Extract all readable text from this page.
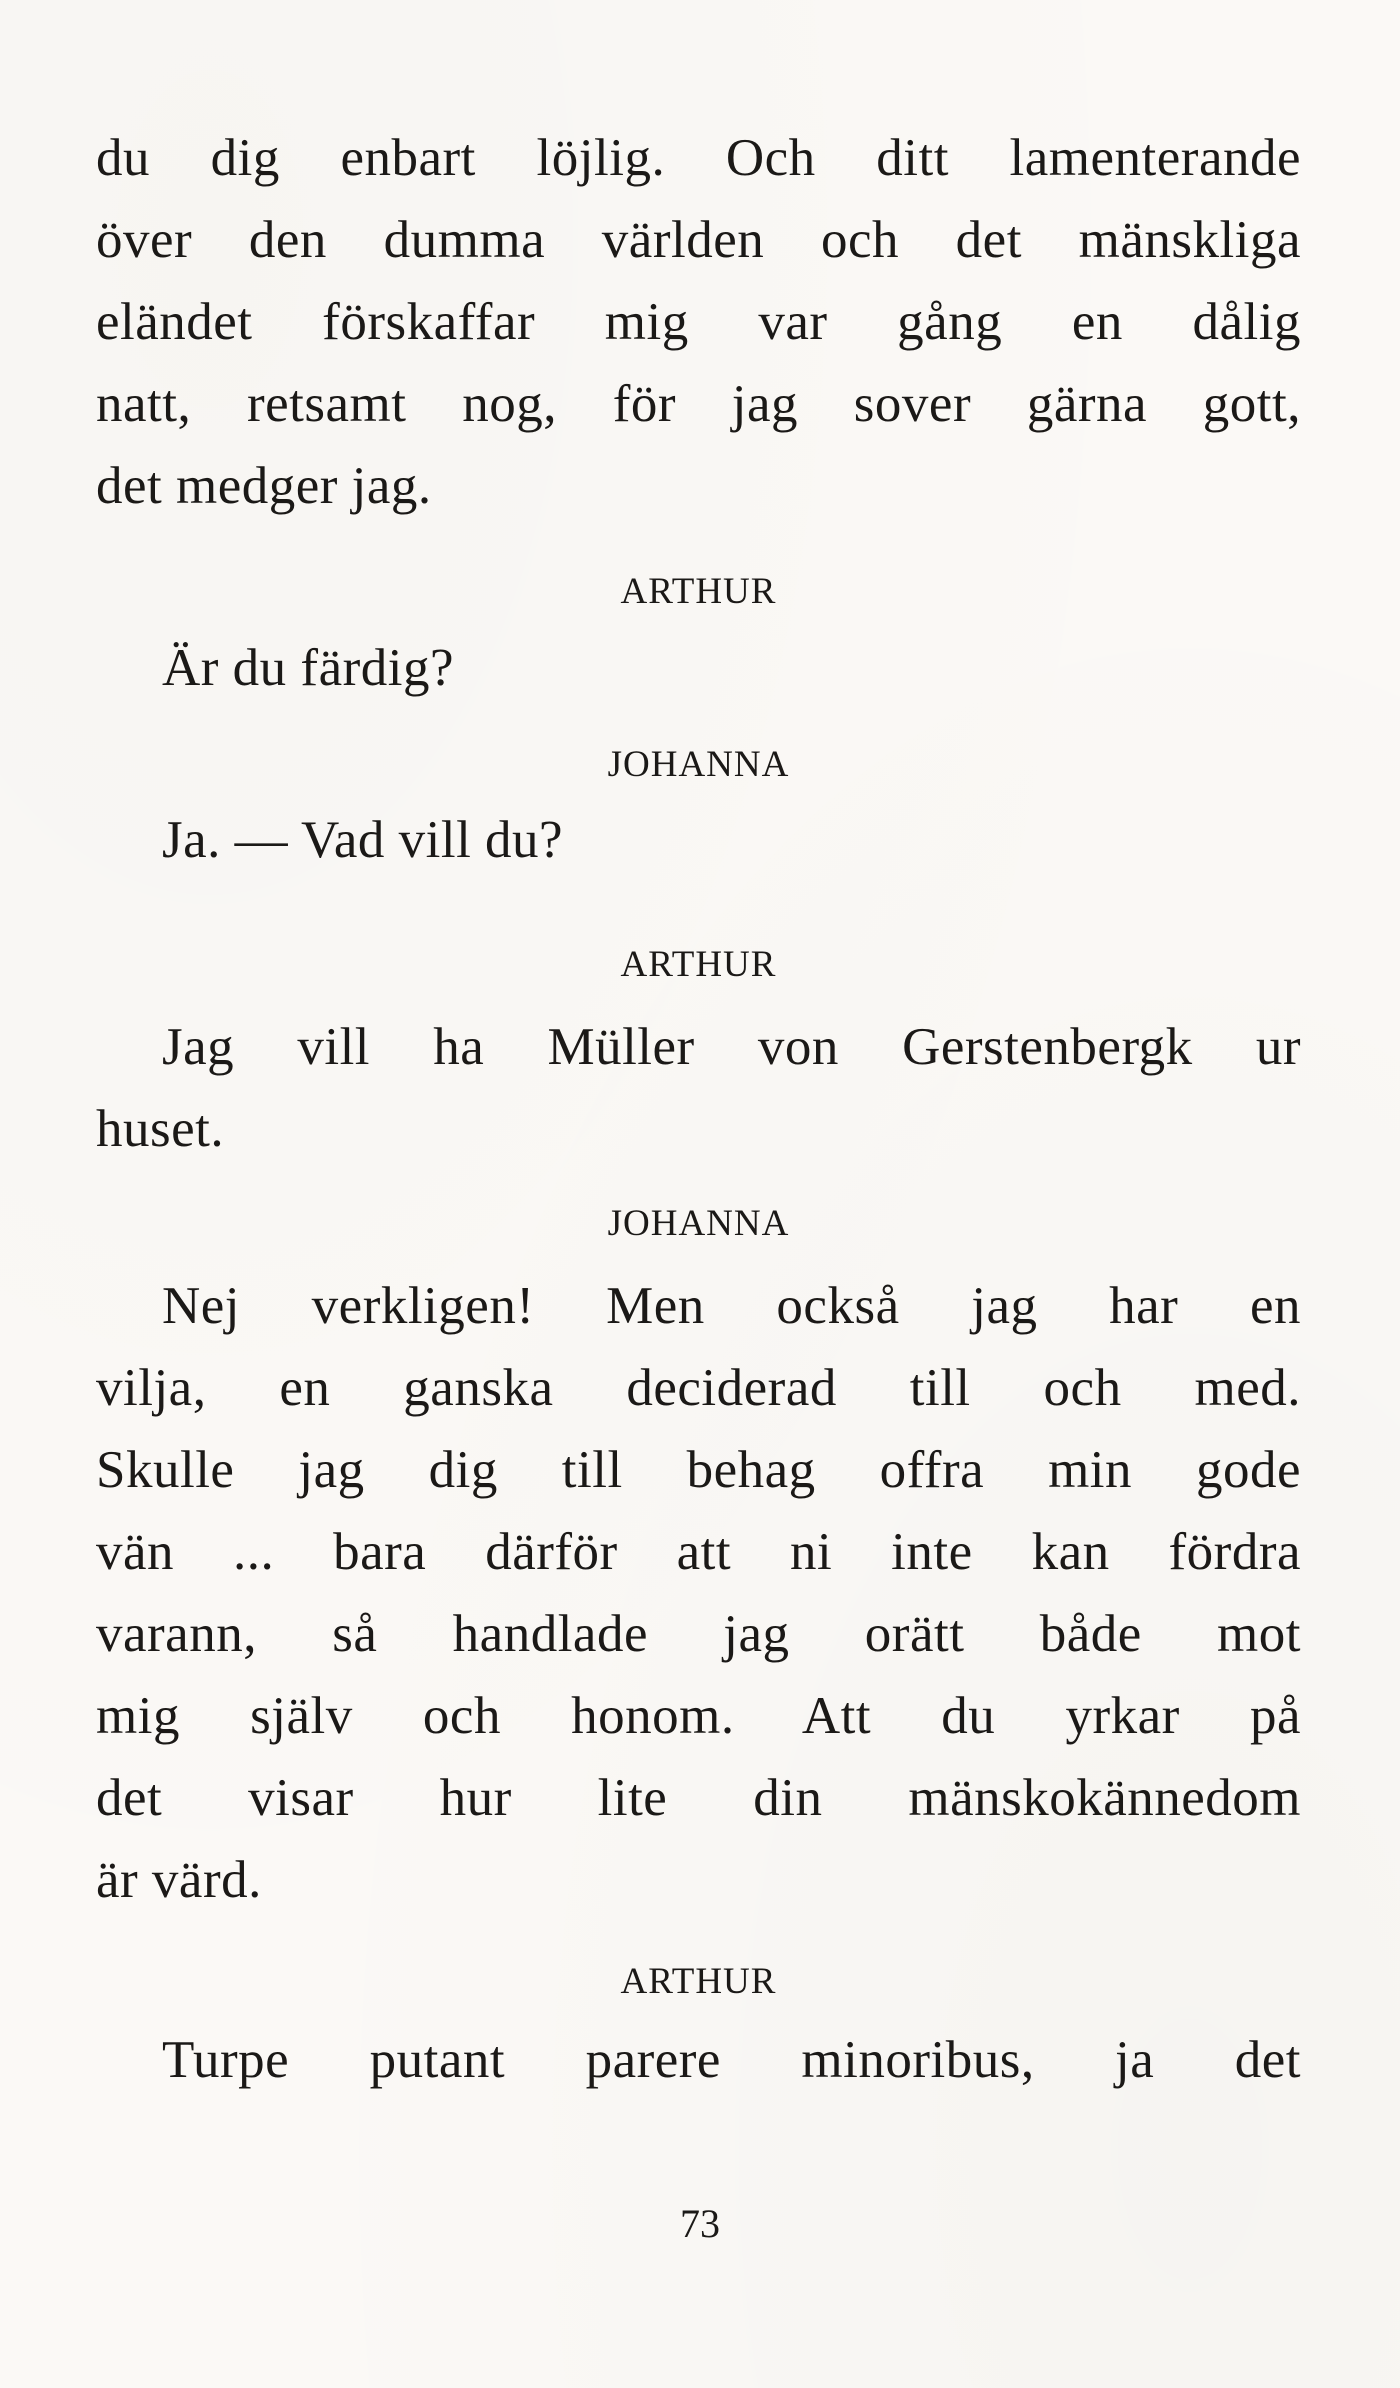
du dig enbart löjlig. Och ditt lamenterande
över den dumma världen och det mänskliga
eländet förskaffar mig var gång en dålig
natt, retsamt nog, för jag sover gärna gott,
det medger jag.
ARTHUR
Är du färdig?
JOHANNA
Ja. — Vad vill du?
ARTHUR
Jag vill ha Müller von Gerstenbergk ur
huset.
JOHANNA
Nej verkligen! Men också jag har en
vilja, en ganska deciderad till och med.
Skulle jag dig till behag offra min gode
vän ... bara därför att ni inte kan fördra
varann, så handlade jag orätt både mot
mig själv och honom. Att du yrkar på
det visar hur lite din mänskokännedom
är värd.
ARTHUR
Turpe putant parere minoribus, ja det
73
